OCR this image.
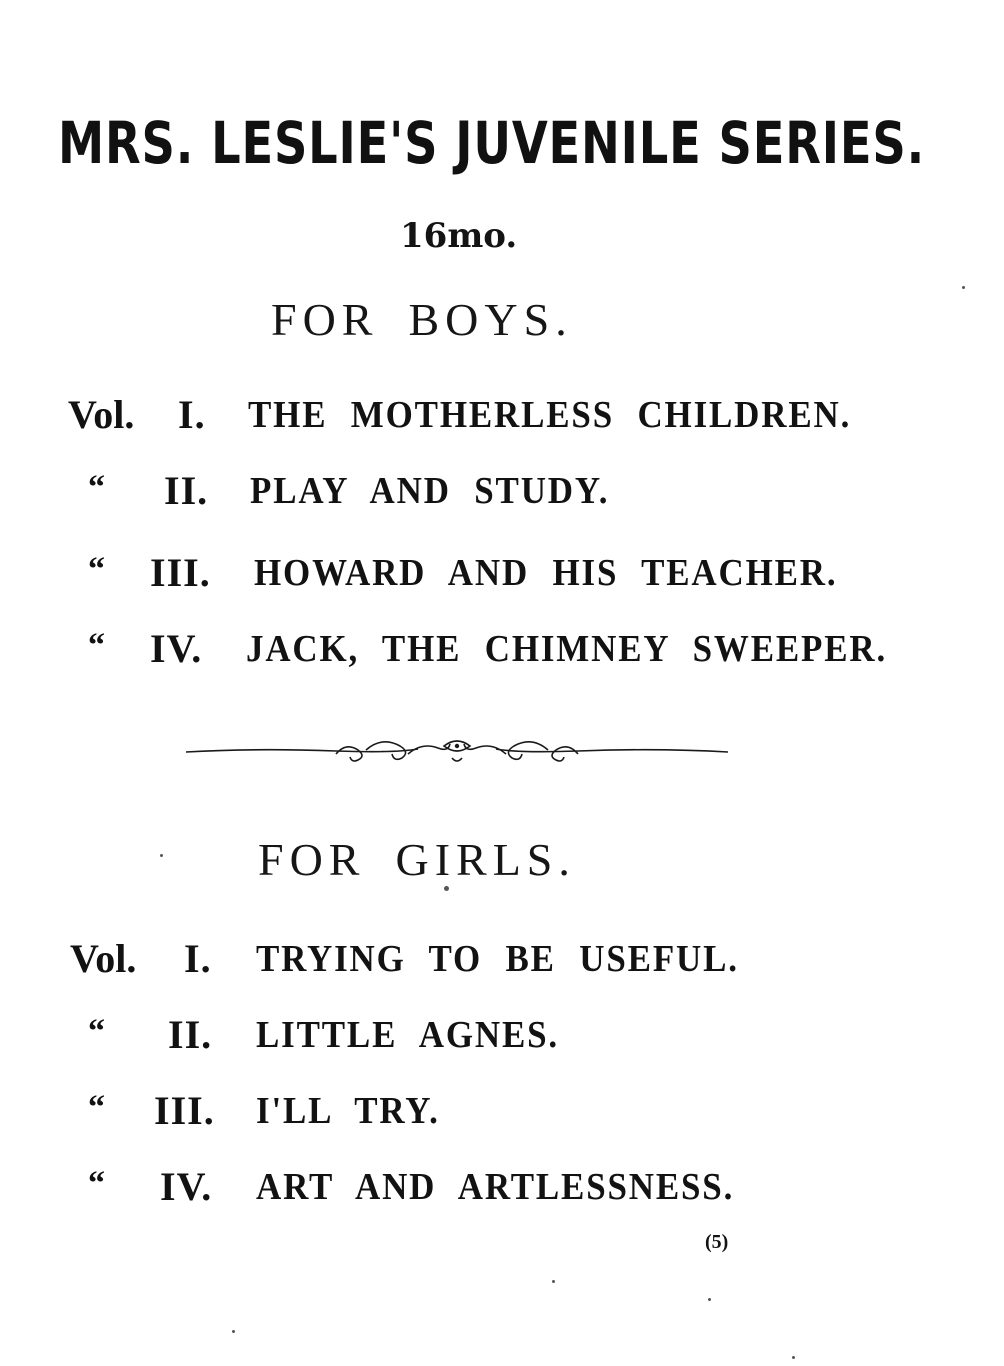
MRS. LESLIE'S JUVENILE SERIES.
16mo.
FOR BOYS.
Vol. I. THE MOTHERLESS CHILDREN.
“ II. PLAY AND STUDY.
“ III. HOWARD AND HIS TEACHER.
“ IV. JACK, THE CHIMNEY SWEEPER.
FOR GIRLS.
Vol. I. TRYING TO BE USEFUL.
“ II. LITTLE AGNES.
“ III. I'LL TRY.
“ IV. ART AND ARTLESSNESS.
(5)
